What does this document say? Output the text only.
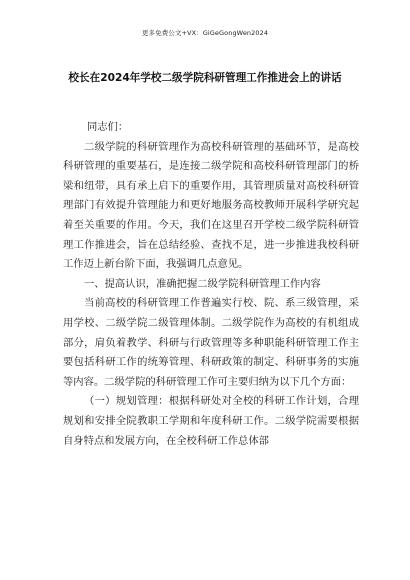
更多免费公文+VX：GiGeGongWen2024
校长在2024年学校二级学院科研管理工作推进会上的讲话

同志们：

二级学院的科研管理作为高校科研管理的基础环节，是高校科研管理的重要基石，是连接二级学院和高校科研管理部门的桥梁和纽带，具有承上启下的重要作用，其管理质量对高校科研管理部门有效提升管理能力和更好地服务高校教师开展科学研究起着至关重要的作用。今天，我们在这里召开学校二级学院科研管理工作推进会，旨在总结经验、查找不足，进一步推进我校科研工作迈上新台阶下面，我强调几点意见。

一、提高认识，准确把握二级学院科研管理工作内容

当前高校的科研管理工作普遍实行校、院、系三级管理，采用学校、二级学院二级管理体制。二级学院作为高校的有机组成部分，肩负着教学、科研与行政管理等多种职能科研管理工作主要包括科研工作的统筹管理、科研政策的制定、科研事务的实施等内容。二级学院的科研管理工作可主要归纳为以下几个方面：

（一）规划管理：根据科研处对全校的科研工作计划，合理规划和安排全院教职工学期和年度科研工作。二级学院需要根据自身特点和发展方向，在全校科研工作总体部
